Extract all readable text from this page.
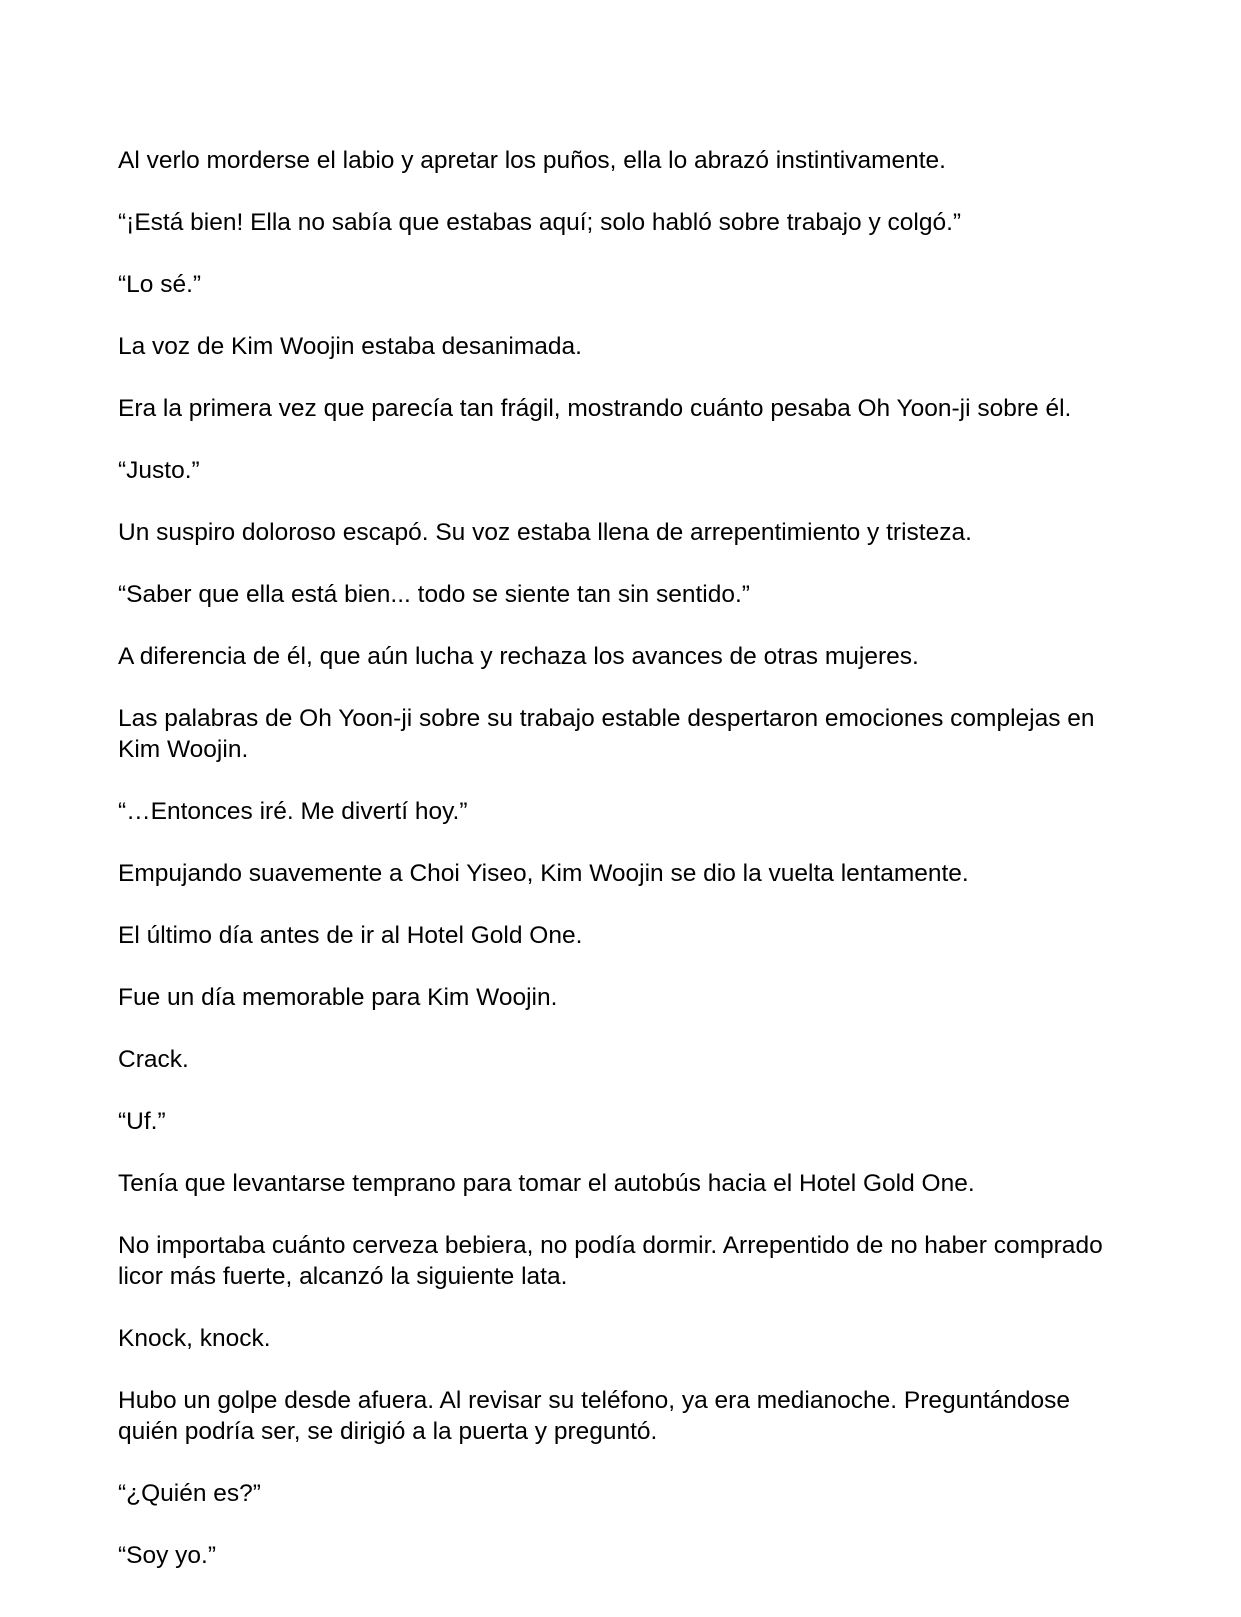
Al verlo morderse el labio y apretar los puños, ella lo abrazó instintivamente.

“¡Está bien! Ella no sabía que estabas aquí; solo habló sobre trabajo y colgó.”

“Lo sé.”

La voz de Kim Woojin estaba desanimada.

Era la primera vez que parecía tan frágil, mostrando cuánto pesaba Oh Yoon-ji sobre él.

“Justo.”

Un suspiro doloroso escapó. Su voz estaba llena de arrepentimiento y tristeza.

“Saber que ella está bien... todo se siente tan sin sentido.”

A diferencia de él, que aún lucha y rechaza los avances de otras mujeres.

Las palabras de Oh Yoon-ji sobre su trabajo estable despertaron emociones complejas en Kim Woojin.

“…Entonces iré. Me divertí hoy.”

Empujando suavemente a Choi Yiseo, Kim Woojin se dio la vuelta lentamente.

El último día antes de ir al Hotel Gold One.

Fue un día memorable para Kim Woojin.

Crack.

“Uf.”

Tenía que levantarse temprano para tomar el autobús hacia el Hotel Gold One.

No importaba cuánto cerveza bebiera, no podía dormir. Arrepentido de no haber comprado licor más fuerte, alcanzó la siguiente lata.

Knock, knock.

Hubo un golpe desde afuera. Al revisar su teléfono, ya era medianoche. Preguntándose quién podría ser, se dirigió a la puerta y preguntó.

“¿Quién es?”

“Soy yo.”
